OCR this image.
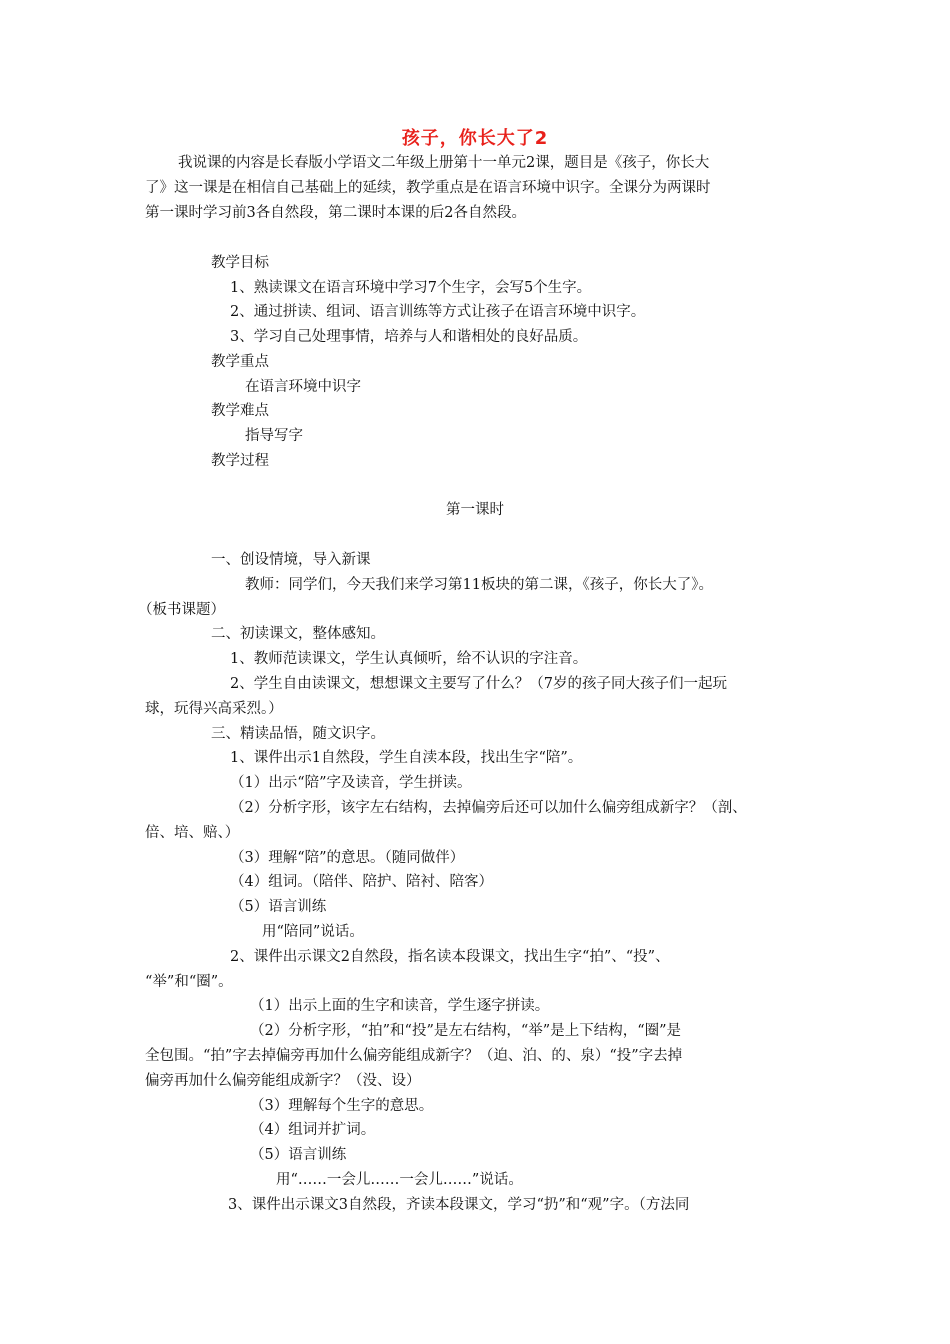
孩子，你长大了2
我说课的内容是长春版小学语文二年级上册第十一单元2课，题目是《孩子，你长大
了》这一课是在相信自己基础上的延续，教学重点是在语言环境中识字。全课分为两课时
第一课时学习前3各自然段，第二课时本课的后2各自然段。
教学目标
1、熟读课文在语言环境中学习7个生字，会写5个生字。
2、通过拼读、组词、语言训练等方式让孩子在语言环境中识字。
3、学习自己处理事情，培养与人和谐相处的良好品质。
教学重点
在语言环境中识字
教学难点
指导写字
教学过程
第一课时
一、创设情境，导入新课
教师：同学们，今天我们来学习第11板块的第二课，《孩子，你长大了》。
（板书课题）
二、初读课文，整体感知。
1、教师范读课文，学生认真倾听，给不认识的字注音。
2、学生自由读课文，想想课文主要写了什么？（7岁的孩子同大孩子们一起玩
球，玩得兴高采烈。）
三、精读品悟，随文识字。
1、课件出示1自然段，学生自渎本段，找出生字“陪”。
（1）出示“陪”字及读音，学生拼读。
（2）分析字形，该字左右结构，去掉偏旁后还可以加什么偏旁组成新字？（剖、
倍、培、赔、）
（3）理解“陪”的意思。（随同做伴）
（4）组词。（陪伴、陪护、陪衬、陪客）
（5）语言训练
用“陪同”说话。
2、课件出示课文2自然段，指名读本段课文，找出生字“拍”、“投”、
“举”和“圈”。
（1）出示上面的生字和读音，学生逐字拼读。
（2）分析字形，“拍”和“投”是左右结构，“举”是上下结构，“圈”是
全包围。“拍”字去掉偏旁再加什么偏旁能组成新字？（迫、泊、的、泉）“投”字去掉
偏旁再加什么偏旁能组成新字？（没、设）
（3）理解每个生字的意思。
（4）组词并扩词。
（5）语言训练
用“……一会儿……一会儿……”说话。
3、课件出示课文3自然段，齐读本段课文，学习“扔”和“观”字。（方法同
